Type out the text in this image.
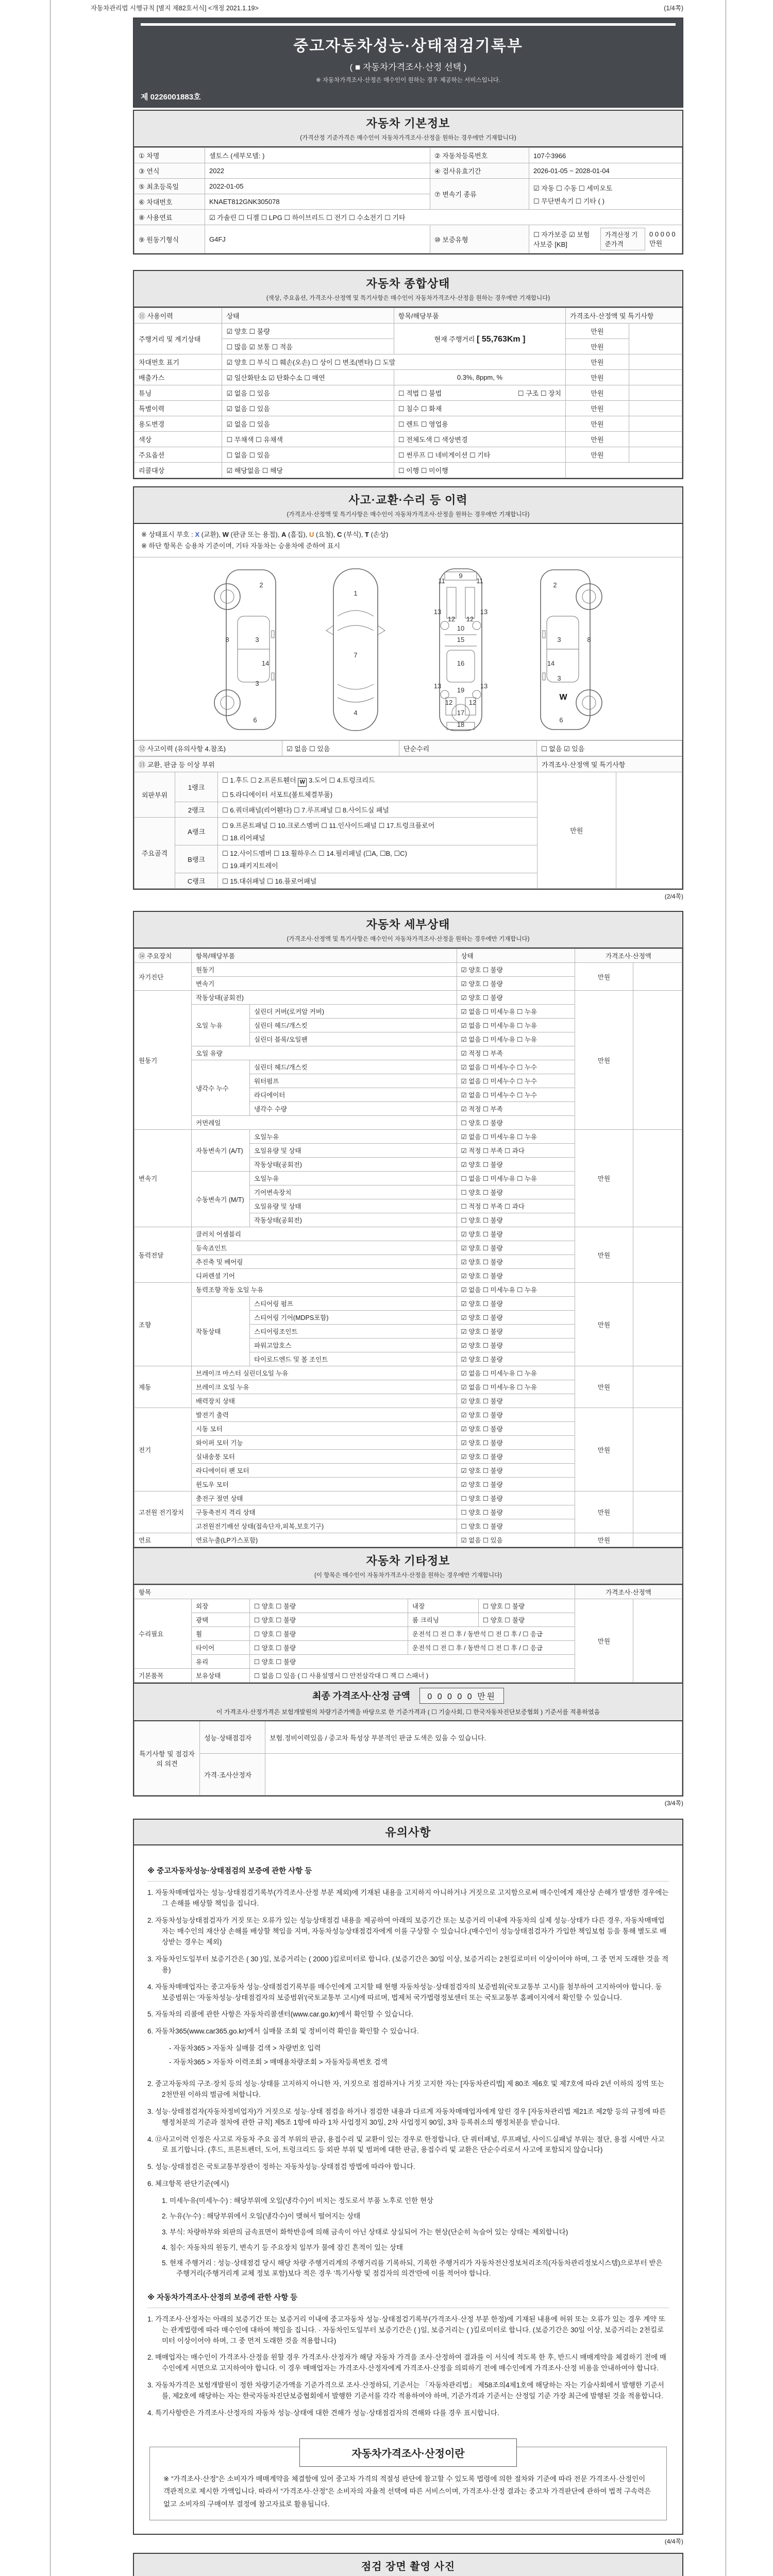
자동차관리법 시행규칙 [별지 제82호서식] <개정 2021.1.19>	(1/4쪽)
중고자동차성능·상태점검기록부
( ■ 자동차가격조사·산정 선택 )
※ 자동차가격조사·산정은 매수인이 원하는 경우 제공하는 서비스입니다.
제 0226001883호
자동차 기본정보
(가격산정 기준가격은 매수인이 자동차가격조사·산정을 원하는 경우에만 기재합니다)
① 차명	셀토스 (세부모델: )	② 자동차등록번호	107수3966
③ 연식	2022	④ 검사유효기간	2026-01-05 ~ 2028-01-04
⑤ 최초등록일	2022-01-05	⑦ 변속기 종류	☑ 자동 ☐ 수동 ☐ 세미오토
☐ 무단변속기 ☐ 기타 ( )

⑥ 차대번호	KNAET812GNK305078		
⑧ 사용연료	☑ 가솔린 ☐ 디젤 ☐ LPG ☐ 하이브리드 ☐ 전기 ☐ 수소전기 ☐ 기타		
⑨ 원동기형식	G4FJ	⑩ 보증유형	☐ 자가보증 ☑ 보험사보증 [KB]
가격산정 기준가격
0 0 0 0 0 만원
자동차 종합상태
(색상, 주요옵션, 가격조사·산정액 및 특기사항은 매수인이 자동차가격조사·산정을 원하는 경우에만 기재합니다)
⑪ 사용이력	상태	항목/해당부품	가격조사·산정액 및 특기사항	
주행거리 및 계기상태	☑ 양호 ☐ 불량	현재 주행거리 [ 55,763Km ]	만원	
	☐ 많음 ☑ 보통 ☐ 적음		만원	
차대번호 표기	☑ 양호 ☐ 부식 ☐ 훼손(오손) ☐ 상이 ☐ 변조(변타) ☐ 도말		만원	
배출가스	☑ 일산화탄소 ☑ 탄화수소 ☐ 매연	0.3%, 8ppm, %	만원	
튜닝	☑ 없음 ☐ 있음	☐ 적법 ☐ 불법 ☐ 구조 ☐ 장치	만원	
특별이력	☑ 없음 ☐ 있음	☐ 침수 ☐ 화재	만원	
용도변경	☑ 없음 ☐ 있음	☐ 렌트 ☐ 영업용	만원	
색상	☐ 무채색 ☐ 유채색	☐ 전체도색 ☐ 색상변경	만원	
주요옵션	☐ 없음 ☐ 있음	☐ 썬루프 ☐ 네비게이션 ☐ 기타	만원	
리콜대상	☑ 해당없음 ☐ 해당	☐ 이행 ☐ 미이행		
사고·교환·수리 등 이력
(가격조사·산정액 및 특기사항은 매수인이 자동차가격조사·산정을 원하는 경우에만 기재합니다)
※ 상태표시 부호 : X (교환), W (판금 또는 용접), A (흠집), U (요철), C (부식), T (손상)
※ 하단 항목은 승용차 기준이며, 기타 자동차는 승용차에 준하여 표시
2
8	3
14
3
6
1
7
4
9
11	11
13	13
12 12
10
15
16
13	13
19
12 12
17
18
2
8
3
14
3
W
6
⑫ 사고이력 (유의사항 4.참조)	☑ 없음 ☐ 있음	단순수리	☐ 없음 ☑ 있음
⑬ 교환, 판금 등 이상 부위			가격조사·산정액 및 특기사항	
외판부위	1랭크	☐ 1.후드 ☐ 2.프론트휀더 W 3.도어 ☐ 4.트렁크리드
☐ 5.라디에이터 서포트(볼트체결부품)	만원	
	2랭크	☐ 6.쿼더패널(리어휀다) ☐ 7.루프패널 ☐ 8.사이드실 패널		
주요골격	A랭크	☐ 9.프론트패널 ☐ 10.크로스멤버 ☐ 11.인사이드패널 ☐ 17.트렁크플로어
☐ 18.리어패널		

	B랭크	☐ 12.사이드멤버 ☐ 13.휠하우스 ☐ 14.필러패널 (☐A, ☐B, ☐C)
☐ 19.패키지트레이		

	C랭크	☐ 15.대쉬패널 ☐ 16.플로어패널		
(2/4쪽)
자동차 세부상태
(가격조사·산정액 및 특기사항은 매수인이 자동차가격조사·산정을 원하는 경우에만 기재합니다)
⑭ 주요장치	항목/해당부품		상태	가격조사·산정액	
자기진단	원동기		☑ 양호 ☐ 불량	만원	
	변속기		☑ 양호 ☐ 불량		
원동기	작동상태(공회전)		☑ 양호 ☐ 불량	만원	
	오일 누유	실린더 커버(로커암 커버)	☑ 없음 ☐ 미세누유 ☐ 누유		
		실린더 헤드/개스킷	☑ 없음 ☐ 미세누유 ☐ 누유		
		실린더 블록/오일팬	☑ 없음 ☐ 미세누유 ☐ 누유		
	오일 유량		☑ 적정 ☐ 부족		
	냉각수 누수	실린더 헤드/개스킷	☑ 없음 ☐ 미세누수 ☐ 누수		
		워터펌프	☑ 없음 ☐ 미세누수 ☐ 누수		
		라디에이터	☑ 없음 ☐ 미세누수 ☐ 누수		
		냉각수 수량	☑ 적정 ☐ 부족		
	커먼레일		☐ 양호 ☐ 불량		
변속기	자동변속기 (A/T)	오일누유	☑ 없음 ☐ 미세누유 ☐ 누유	만원	
		오일유량 및 상태	☑ 적정 ☐ 부족 ☐ 과다		
		작동상태(공회전)	☑ 양호 ☐ 불량		
	수동변속기 (M/T)	오일누유	☐ 없음 ☐ 미세누유 ☐ 누유		
		기어변속장치	☐ 양호 ☐ 불량		
		오일유량 및 상태	☐ 적정 ☐ 부족 ☐ 과다		
		작동상태(공회전)	☐ 양호 ☐ 불량		
동력전달	클러치 어셈블리		☑ 양호 ☐ 불량	만원	
	등속죠인트		☑ 양호 ☐ 불량		
	추진축 및 베어링		☑ 양호 ☐ 불량		
	디퍼렌셜 기어		☑ 양호 ☐ 불량		
조향	동력조향 작동 오일 누유		☑ 없음 ☐ 미세누유 ☐ 누유	만원	
	작동상태	스티어링 펌프	☑ 양호 ☐ 불량		
		스티어링 기어(MDPS포함)	☑ 양호 ☐ 불량		
		스티어링조인트	☑ 양호 ☐ 불량		
		파워고압호스	☑ 양호 ☐ 불량		
		타이로드엔드 및 볼 조인트	☑ 양호 ☐ 불량		
제동	브레이크 마스터 실린더오일 누유		☑ 없음 ☐ 미세누유 ☐ 누유	만원	
	브레이크 오일 누유		☑ 없음 ☐ 미세누유 ☐ 누유		
	배력장치 상태		☑ 양호 ☐ 불량		
전기	발전기 출력		☑ 양호 ☐ 불량	만원	
	시동 모터		☑ 양호 ☐ 불량		
	와이퍼 모터 기능		☑ 양호 ☐ 불량		
	실내송풍 모터		☑ 양호 ☐ 불량		
	라디에이터 팬 모터		☑ 양호 ☐ 불량		
	윈도우 모터		☑ 양호 ☐ 불량		
고전원 전기장치	충전구 절연 상태		☐ 양호 ☐ 불량	만원	
	구동축전지 격리 상태		☐ 양호 ☐ 불량		
	고전원전기배선 상태(접속단자,피복,보호기구)		☐ 양호 ☐ 불량		
연료	연료누출(LP가스포함)		☑ 없음 ☐ 있음	만원	
자동차 기타정보
(이 항목은 매수인이 자동차가격조사·산정을 원하는 경우에만 기재합니다)
항목					가격조사·산정액	
수리필요	외장	☐ 양호 ☐ 불량	내장	☐ 양호 ☐ 불량	만원	
	광택	☐ 양호 ☐ 불량	룸 크리닝	☐ 양호 ☐ 불량		
	휠	☐ 양호 ☐ 불량	운전석 ☐ 전 ☐ 후 / 동반석 ☐ 전 ☐ 후 / ☐ 응급			
	타이어	☐ 양호 ☐ 불량	운전석 ☐ 전 ☐ 후 / 동반석 ☐ 전 ☐ 후 / ☐ 응급			
	유리	☐ 양호 ☐ 불량				
기본품목	보유상태	☐ 없음 ☐ 있음 ( ☐ 사용설명서 ☐ 안전삼각대 ☐ 잭 ☐ 스패너 )				
최종 가격조사·산정 금액 0 0 0 0 0 만원
이 가격조사·산정가격은 보험개발원의 차량기준가액을 바탕으로 한 기준가격과 ( ☐ 기술사회, ☐ 한국자동차진단보증협회 ) 기준서를 적용하였음
특기사항 및 점검자의 의견	성능·상태점검자	보험.정비이력있음 / 중고차 특성상 부분적인 판금 도색은 있을 수 있습니다.
	가격·조사산정자	
(3/4쪽)
유의사항
※ 중고자동차성능·상태점검의 보증에 관한 사항 등
1. 자동차매매업자는 성능·상태점검기록부(가격조사·산정 부분 제외)에 기재된 내용을 고지하지 아니하거나 거짓으로 고지함으로써 매수인에게 재산상 손해가 발생한 경우에는 그 손해를 배상할 책임을 집니다.
2. 자동차성능상태점검자가 거짓 또는 오류가 있는 성능상태점검 내용을 제공하여 아래의 보증기간 또는 보증거리 이내에 자동차의 실제 성능·상태가 다른 경우, 자동차매매업자는 매수인의 재산상 손해를 배상할 책임을 지며, 자동차성능상태점검자에게 이를 구상할 수 있습니다.(매수인이 성능상태점검자가 가입한 책임보험 등을 통해 별도로 배상받는 경우는 제외)
3. 자동차인도일부터 보증기간은 ( 30 )일, 보증거리는 ( 2000 )킬로미터로 합니다. (보증기간은 30일 이상, 보증거리는 2천킬로미터 이상이어야 하며, 그 중 먼저 도래한 것을 적용)
4. 자동차매매업자는 중고자동차 성능·상태점검기록부를 매수인에게 고지할 때 현행 자동차성능·상태점검자의 보증범위(국토교통부 고시)를 첨부하여 고지하여야 합니다. 동 보증범위는 '자동차성능·상태점검자의 보증범위'(국토교통부 고시)에 따르며, 법제처 국가법령정보센터 또는 국토교통부 홈페이지에서 확인할 수 있습니다.
5. 자동차의 리콜에 관한 사항은 자동차리콜센터(www.car.go.kr)에서 확인할 수 있습니다.
6. 자동차365(www.car365.go.kr)에서 실매물 조회 및 정비이력 확인을 확인할 수 있습니다.
- 자동차365 > 자동차 실매물 검색 > 차량번호 입력
- 자동차365 > 자동차 이력조회 > 매매용차량조회 > 자동차등록번호 검색
2. 중고자동차의 구조·장치 등의 성능·상태를 고지하지 아니한 자, 거짓으로 점검하거나 거짓 고지한 자는 [자동차관리법] 제 80조 제6호 및 제7호에 따라 2년 이하의 징역 또는 2천만원 이하의 벌금에 처합니다.
3. 성능·상태점검자(자동차정비업자)가 거짓으로 성능·상태 점검을 하거나 점검한 내용과 다르게 자동차매매업자에게 알린 경우 [자동차관리법 제21조 제2항 등의 규정에 따른 행정처분의 기준과 절차에 관한 규칙] 제5조 1항에 따라 1차 사업정지 30일, 2차 사업정지 90일, 3차 등록취소의 행정처분을 받습니다.
4. ⑫사고이력 인정은 사고로 자동차 주요 골격 부위의 판금, 용접수리 및 교환이 있는 경우로 한정합니다. 단 쿼터패널, 루프패널, 사이드실패널 부위는 절단, 용접 시에만 사고로 표기합니다. (후드, 프론트펜더, 도어, 트렁크리드 등 외판 부위 및 범퍼에 대한 판금, 용접수리 및 교환은 단순수리로서 사고에 포함되지 않습니다)
5. 성능·상태점검은 국토교통부장관이 정하는 자동차성능·상태점검 방법에 따라야 합니다.
6. 체크항목 판단기준(예시)
1. 미세누유(미세누수) : 해당부위에 오일(냉각수)이 비치는 정도로서 부품 노후로 인한 현상
2. 누유(누수) : 해당부위에서 오일(냉각수)이 맺혀서 떨어지는 상태
3. 부식: 차량하부와 외판의 금속표면이 화학반응에 의해 금속이 아닌 상태로 상실되어 가는 현상(단순히 녹슬어 있는 상태는 제외합니다)
4. 침수: 자동차의 원동기, 변속기 등 주요장치 일부가 물에 잠긴 흔적이 있는 상태
5. 현재 주행거리 : 성능·상태점검 당시 해당 차량 주행거리계의 주행거리를 기록하되, 기록한 주행거리가 자동차전산정보처리조직(자동차관리정보시스템)으로부터 받은 주행거리(주행거리계 교체 정보 포함)보다 적은 경우 '특기사항 및 점검자의 의견'란에 이를 적어야 합니다.
※ 자동차가격조사·산정의 보증에 관한 사항 등
1. 가격조사·산정자는 아래의 보증기간 또는 보증거리 이내에 중고자동차 성능·상태점검기록부(가격조사·산정 부분 한정)에 기재된 내용에 허위 또는 오류가 있는 경우 계약 또는 관계법령에 따라 매수인에 대하여 책임을 집니다. · 자동차인도일부터 보증기간은 ( )일, 보증거리는 ( )킬로미터로 합니다. (보증기간은 30일 이상, 보증거리는 2천킬로미터 이상이어야 하며, 그 중 먼저 도래한 것을 적용합니다)
2. 매매업자는 매수인이 가격조사·산정을 원할 경우 가격조사·산정자가 해당 자동차 가격을 조사·산정하여 결과를 이 서식에 적도록 한 후, 반드시 매매계약을 체결하기 전에 매수인에게 서면으로 고지하여야 합니다. 이 경우 매매업자는 가격조사·산정자에게 가격조사·산정을 의뢰하기 전에 매수인에게 가격조사·산정 비용을 안내하여야 합니다.
3. 자동차가격은 보험개발원이 정한 차량기준가액을 기준가격으로 조사·산정하되, 기준서는 「자동차관리법」 제58조의4제1호에 해당하는 자는 기술사회에서 발행한 기준서를, 제2호에 해당하는 자는 한국자동차진단보증협회에서 발행한 기준서를 각각 적용하여야 하며, 기준가격과 기준서는 산정일 기준 가장 최근에 발행된 것을 적용합니다.
4. 특기사항란은 가격조사·산정자의 자동차 성능·상태에 대한 견해가 성능·상태점검자의 견해와 다를 경우 표시합니다.
자동차가격조사·산정이란
※ “가격조사·산정”은 소비자가 매매계약을 체결함에 있어 중고차 가격의 적절성 판단에 참고할 수 있도록 법령에 의한 절차와 기준에 따라 전문 가격조사·산정인이 객관적으로 제시한 가액입니다. 따라서 “가격조사·산정”은 소비자의 자율적 선택에 따른 서비스이며, 가격조사·산정 결과는 중고차 가격판단에 관하여 법적 구속력은 없고 소비자의 구매여부 결정에 참고자료로 활용됩니다.
(4/4쪽)
점검 장면 촬영 사진
